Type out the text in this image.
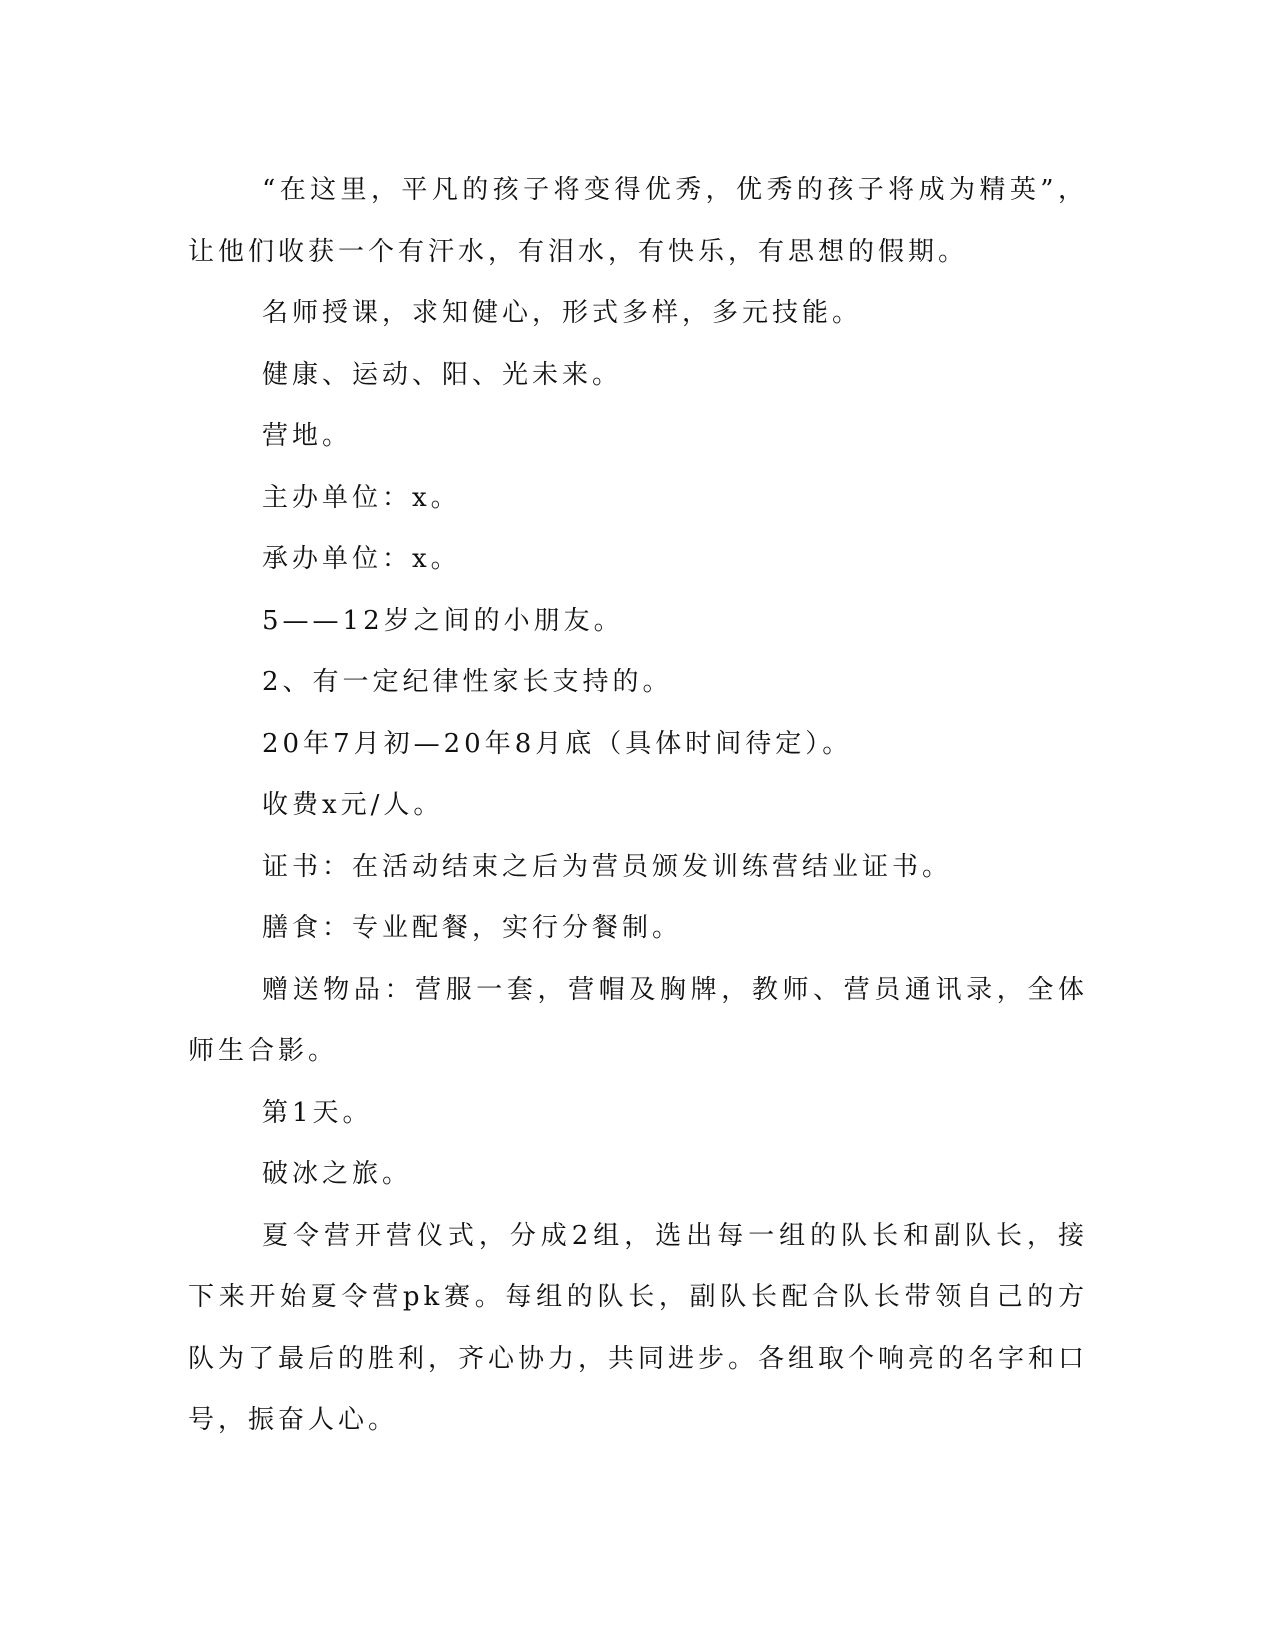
“在这里，平凡的孩子将变得优秀，优秀的孩子将成为精英”，让他们收获一个有汗水，有泪水，有快乐，有思想的假期。

名师授课，求知健心，形式多样，多元技能。

健康、运动、阳、光未来。

营地。

主办单位：x。

承办单位：x。

5——12岁之间的小朋友。

2、有一定纪律性家长支持的。

20年7月初—20年8月底（具体时间待定）。

收费x元/人。

证书：在活动结束之后为营员颁发训练营结业证书。

膳食：专业配餐，实行分餐制。

赠送物品：营服一套，营帽及胸牌，教师、营员通讯录，全体师生合影。

第1天。

破冰之旅。

夏令营开营仪式，分成2组，选出每一组的队长和副队长，接下来开始夏令营pk赛。每组的队长，副队长配合队长带领自己的方队为了最后的胜利，齐心协力，共同进步。各组取个响亮的名字和口号，振奋人心。
